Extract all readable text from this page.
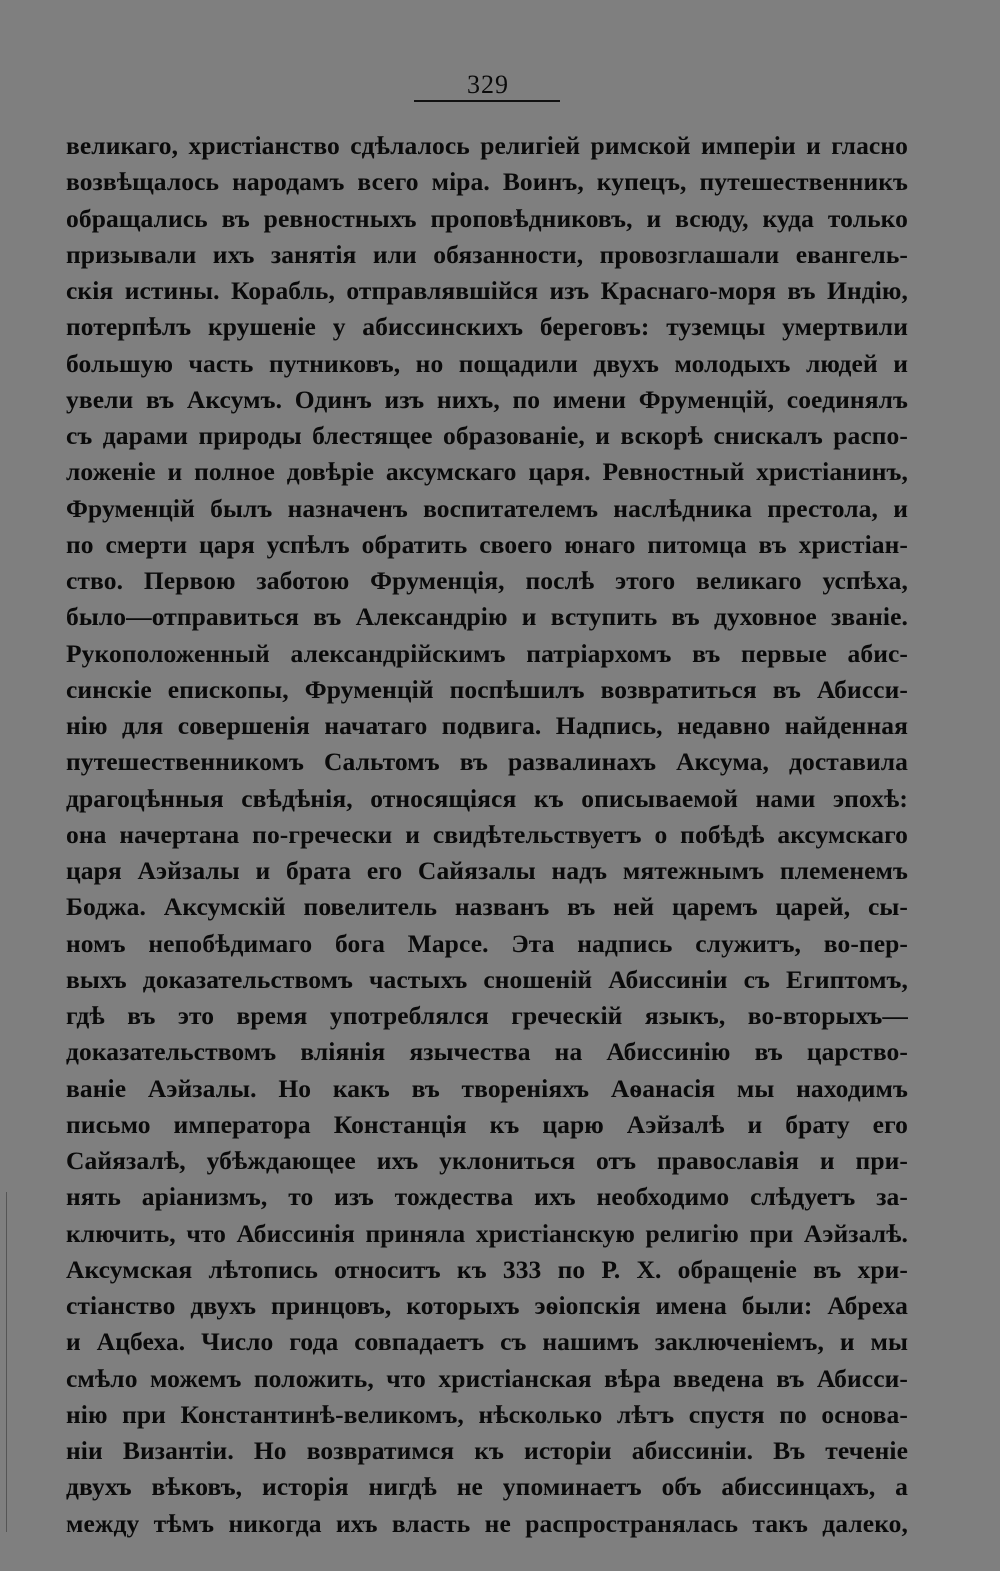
329
великаго, христіанство сдѣлалось религіей римской имперіи и гласно
возвѣщалось народамъ всего міра. Воинъ, купецъ, путешественникъ
обращались въ ревностныхъ проповѣдниковъ, и всюду, куда только
призывали ихъ занятія или обязанности, провозглашали евангель-
скія истины. Корабль, отправлявшійся изъ Краснаго-моря въ Индію,
потерпѣлъ крушеніе у абиссинскихъ береговъ: туземцы умертвили
большую часть путниковъ, но пощадили двухъ молодыхъ людей и
увели въ Аксумъ. Одинъ изъ нихъ, по имени Фруменцій, соединялъ
съ дарами природы блестящее образованіе, и вскорѣ снискалъ распо-
ложеніе и полное довѣріе аксумскаго царя. Ревностный христіанинъ,
Фруменцій былъ назначенъ воспитателемъ наслѣдника престола, и
по смерти царя успѣлъ обратить своего юнаго питомца въ христіан-
ство. Первою заботою Фруменція, послѣ этого великаго успѣха,
было—отправиться въ Александрію и вступить въ духовное званіе.
Рукоположенный александрійскимъ патріархомъ въ первые абис-
синскіе епископы, Фруменцій поспѣшилъ возвратиться въ Абисси-
нію для совершенія начатаго подвига. Надпись, недавно найденная
путешественникомъ Сальтомъ въ развалинахъ Аксума, доставила
драгоцѣнныя свѣдѣнія, относящіяся къ описываемой нами эпохѣ:
она начертана по-гречески и свидѣтельствуетъ о побѣдѣ аксумскаго
царя Аэйзалы и брата его Сайязалы надъ мятежнымъ племенемъ
Боджа. Аксумскій повелитель названъ въ ней царемъ царей, сы-
номъ непобѣдимаго бога Марсе. Эта надпись служитъ, во-пер-
выхъ доказательствомъ частыхъ сношеній Абиссиніи съ Египтомъ,
гдѣ въ это время употреблялся греческій языкъ, во-вторыхъ—
доказательствомъ вліянія язычества на Абиссинію въ царство-
ваніе Аэйзалы. Но какъ въ твореніяхъ Аѳанасія мы находимъ
письмо императора Констанція къ царю Аэйзалѣ и брату его
Сайязалѣ, убѣждающее ихъ уклониться отъ православія и при-
нять аріанизмъ, то изъ тождества ихъ необходимо слѣдуетъ за-
ключить, что Абиссинія приняла христіанскую религію при Аэйзалѣ.
Аксумская лѣтопись относитъ къ 333 по Р. Х. обращеніе въ хри-
стіанство двухъ принцовъ, которыхъ эѳіопскія имена были: Абреха
и Ацбеха. Число года совпадаетъ съ нашимъ заключеніемъ, и мы
смѣло можемъ положить, что христіанская вѣра введена въ Абисси-
нію при Константинѣ-великомъ, нѣсколько лѣтъ спустя по основа-
ніи Византіи. Но возвратимся къ исторіи абиссиніи. Въ теченіе
двухъ вѣковъ, исторія нигдѣ не упоминаетъ объ абиссинцахъ, а
между тѣмъ никогда ихъ власть не распространялась такъ далеко,
